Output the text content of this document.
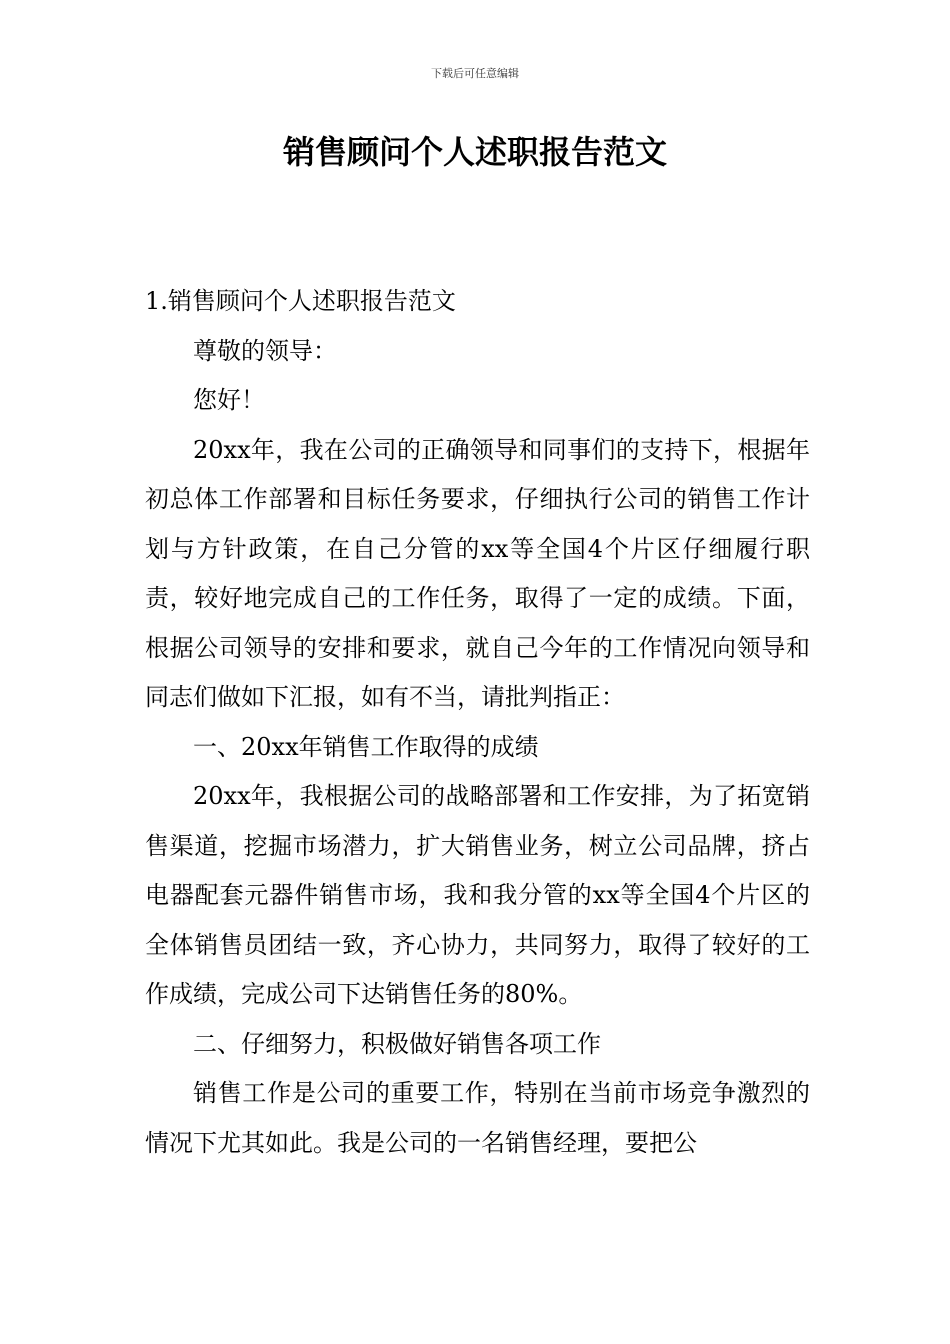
下载后可任意编辑
销售顾问个人述职报告范文

1.销售顾问个人述职报告范文

尊敬的领导：

您好！

20xx年，我在公司的正确领导和同事们的支持下，根据年初总体工作部署和目标任务要求，仔细执行公司的销售工作计划与方针政策，在自己分管的xx等全国4个片区仔细履行职责，较好地完成自己的工作任务，取得了一定的成绩。下面，根据公司领导的安排和要求，就自己今年的工作情况向领导和同志们做如下汇报，如有不当，请批判指正：

一、20xx年销售工作取得的成绩

20xx年，我根据公司的战略部署和工作安排，为了拓宽销售渠道，挖掘市场潜力，扩大销售业务，树立公司品牌，挤占电器配套元器件销售市场，我和我分管的xx等全国4个片区的全体销售员团结一致，齐心协力，共同努力，取得了较好的工作成绩，完成公司下达销售任务的80%。

二、仔细努力，积极做好销售各项工作

销售工作是公司的重要工作，特别在当前市场竞争激烈的情况下尤其如此。我是公司的一名销售经理，要把公
